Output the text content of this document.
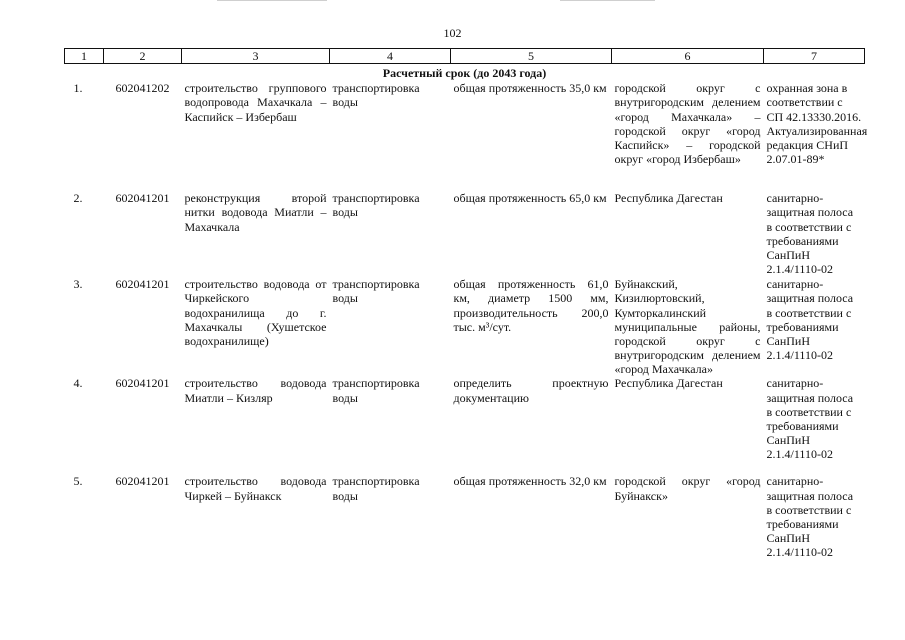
102
1	2	3	4	5	6	7
Расчетный срок (до 2043 года)						
1.	602041202	строительство группового водопровода Махачкала – Каспийск – Избербаш	транспортировка воды	общая протяженность 35,0 км	городской округ с внутригородским делением «город Махачкала» – городской округ «город Каспийск» – городской округ «город Избербаш»	охранная зона в соответствии с СП 42.13330.2016. Актуализированная редакция СНиП 2.07.01-89*
2.	602041201	реконструкция второй нитки водовода Миатли – Махачкала	транспортировка воды	общая протяженность 65,0 км	Республика Дагестан	санитарно-защитная полоса в соответствии с требованиями СанПиН 2.1.4/1110-02
3.	602041201	строительство водовода от Чиркейского водохранилища до г. Махачкалы (Хушетское водохранилище)	транспортировка воды	общая протяженность 61,0 км, диаметр 1500 мм, производительность 200,0 тыс. м³/сут.	Буйнакский, Кизилюртовский, Кумторкалинский муниципальные районы, городской округ с внутригородским делением «город Махачкала»	санитарно-защитная полоса в соответствии с требованиями СанПиН 2.1.4/1110-02
4.	602041201	строительство водовода Миатли – Кизляр	транспортировка воды	определить проектную документацию	Республика Дагестан	санитарно-защитная полоса в соответствии с требованиями СанПиН 2.1.4/1110-02
5.	602041201	строительство водовода Чиркей – Буйнакск	транспортировка воды	общая протяженность 32,0 км	городской округ «город Буйнакск»	санитарно-защитная полоса в соответствии с требованиями СанПиН 2.1.4/1110-02
